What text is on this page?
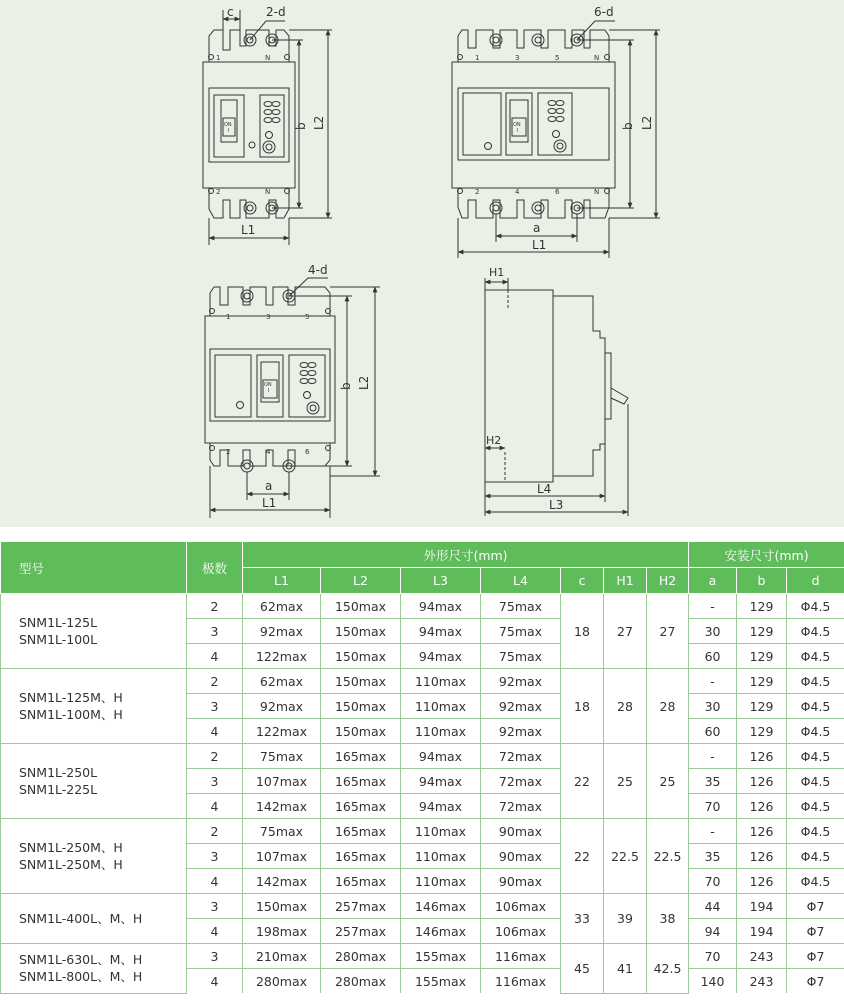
c	2-d
b L2
L1
1	N
2	N
ON
I
6-d
b L2
a
L1
1	3	5	N
2	4	6	N
ON
I
4-d
b L2
a
L1
1	3	5
2	4	6
ON
I
H1
H2
L4
L3
型号	极数	外形尺寸(mm)							安装尺寸(mm)		
		L1	L2	L3	L4	c	H1	H2	a	b	d

SNM1L-125L
SNM1L-100L	2	62max	150max	94max	75max	18	27	27	-	129	Φ4.5
	3	92max	150max	94max	75max				30	129	Φ4.5
	4	122max	150max	94max	75max				60	129	Φ4.5

SNM1L-125M、H
SNM1L-100M、H	2	62max	150max	110max	92max	18	28	28	-	129	Φ4.5
	3	92max	150max	110max	92max				30	129	Φ4.5
	4	122max	150max	110max	92max				60	129	Φ4.5

SNM1L-250L
SNM1L-225L	2	75max	165max	94max	72max	22	25	25	-	126	Φ4.5
	3	107max	165max	94max	72max				35	126	Φ4.5
	4	142max	165max	94max	72max				70	126	Φ4.5

SNM1L-250M、H
SNM1L-250M、H	2	75max	165max	110max	90max	22	22.5	22.5	-	126	Φ4.5
	3	107max	165max	110max	90max				35	126	Φ4.5
	4	142max	165max	110max	90max				70	126	Φ4.5

SNM1L-400L、M、H	3	150max	257max	146max	106max	33	39	38	44	194	Φ7
	4	198max	257max	146max	106max				94	194	Φ7

SNM1L-630L、M、H
SNM1L-800L、M、H	3	210max	280max	155max	116max	45	41	42.5	70	243	Φ7
	4	280max	280max	155max	116max				140	243	Φ7
